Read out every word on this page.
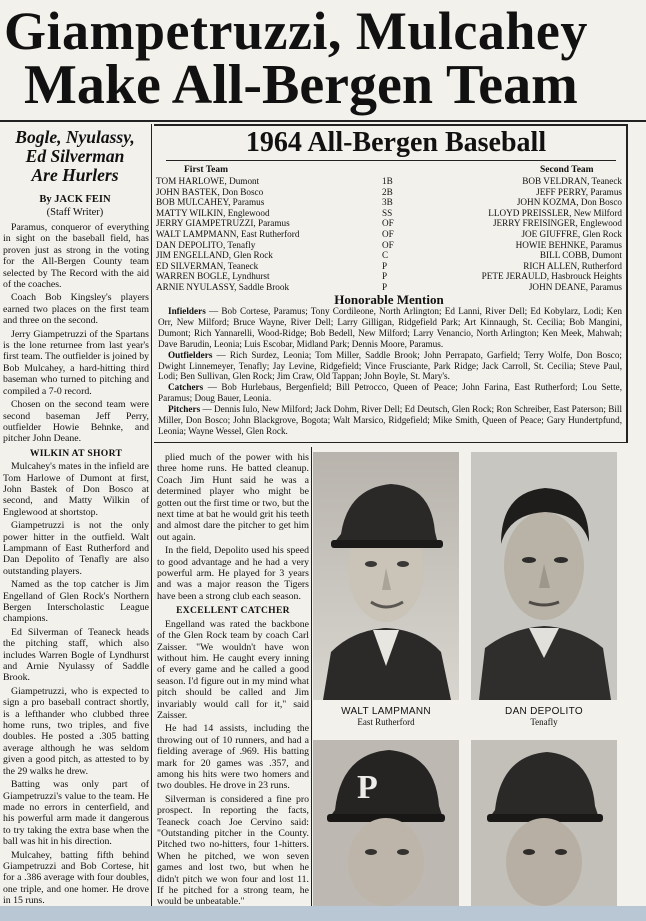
Giampetruzzi, Mulcahey
Make All-Bergen Team

Bogle, Nyulassy,

Ed Silverman

Are Hurlers

By JACK FEIN
(Staff Writer)

Paramus, conqueror of everything in sight on the baseball field, has proven just as strong in the voting for the All-Bergen County team selected by The Record with the aid of the coaches.

Coach Bob Kingsley's players earned two places on the first team and three on the second.

Jerry Giampetruzzi of the Spartans is the lone returnee from last year's first team. The outfielder is joined by Bob Mulcahey, a hard-hitting third baseman who turned to pitching and compiled a 7-0 record.

Chosen on the second team were second baseman Jeff Perry, outfielder Howie Behnke, and pitcher John Deane.

WILKIN AT SHORT

Mulcahey's mates in the infield are Tom Harlowe of Dumont at first, John Bastek of Don Bosco at second, and Matty Wilkin of Englewood at shortstop.

Giampetruzzi is not the only power hitter in the outfield. Walt Lampmann of East Rutherford and Dan Depolito of Tenafly are also outstanding players.

Named as the top catcher is Jim Engelland of Glen Rock's Northern Bergen Interscholastic League champions.

Ed Silverman of Teaneck heads the pitching staff, which also includes Warren Bogle of Lyndhurst and Arnie Nyulassy of Saddle Brook.

Giampetruzzi, who is expected to sign a pro baseball contract shortly, is a lefthander who clubbed three home runs, two triples, and five doubles. He posted a .305 batting average although he was seldom given a good pitch, as attested to by the 29 walks he drew.

Batting was only part of Giampetruzzi's value to the team. He made no errors in centerfield, and his powerful arm made it dangerous to try taking the extra base when the ball was hit in his direction.

Mulcahey, batting fifth behind Giampetruzzi and Bob Cortese, hit for a .386 average with four doubles, one triple, and one homer. He drove in 15 runs.

1964 All-Bergen Baseball
First Team	Second Team
TOM HARLOWE, Dumont	1B	BOB VELDRAN, Teaneck
JOHN BASTEK, Don Bosco	2B	JEFF PERRY, Paramus
BOB MULCAHEY, Paramus	3B	JOHN KOZMA, Don Bosco
MATTY WILKIN, Englewood	SS	LLOYD PREISSLER, New Milford
JERRY GIAMPETRUZZI, Paramus	OF	JERRY FREISINGER, Englewood
WALT LAMPMANN, East Rutherford	OF	JOE GIUFFRE, Glen Rock
DAN DEPOLITO, Tenafly	OF	HOWIE BEHNKE, Paramus
JIM ENGELLAND, Glen Rock	C	BILL COBB, Dumont
ED SILVERMAN, Teaneck	P	RICH ALLEN, Rutherford
WARREN BOGLE, Lyndhurst	P	PETE JERAULD, Hasbrouck Heights
ARNIE NYULASSY, Saddle Brook	P	JOHN DEANE, Paramus
Honorable Mention

Infielders — Bob Cortese, Paramus; Tony Cordileone, North Arlington; Ed Lanni, River Dell; Ed Kobylarz, Lodi; Ken Orr, New Milford; Bruce Wayne, River Dell; Larry Gilligan, Ridgefield Park; Art Kinnaugh, St. Cecilia; Bob Mangini, Dumont; Rich Yannarelli, Wood-Ridge; Bob Bedell, New Milford; Larry Venancio, North Arlington; Ken Meek, Mahwah; Dave Barudin, Leonia; Luis Escobar, Midland Park; Dennis Moore, Paramus.

Outfielders — Rich Surdez, Leonia; Tom Miller, Saddle Brook; John Perrapato, Garfield; Terry Wolfe, Don Bosco; Dwight Linnemeyer, Tenafly; Jay Levine, Ridgefield; Vince Frusciante, Park Ridge; Jack Carroll, St. Cecilia; Steve Paul, Lodi; Ben Sullivan, Glen Rock; Jim Craw, Old Tappan; John Boyle, St. Mary's.

Catchers — Bob Hurlebaus, Bergenfield; Bill Petrocco, Queen of Peace; John Farina, East Rutherford; Lou Sette, Paramus; Doug Bauer, Leonia.

Pitchers — Dennis Iulo, New Milford; Jack Dohm, River Dell; Ed Deutsch, Glen Rock; Ron Schreiber, East Paterson; Bill Miller, Don Bosco; John Blackgrove, Bogota; Walt Marsico, Ridgefield; Mike Smith, Queen of Peace; Gary Hundertpfund, Leonia; Wayne Wessel, Glen Rock.

plied much of the power with his three home runs. He batted cleanup. Coach Jim Hunt said he was a determined player who might be gotten out the first time or two, but the next time at bat he would grit his teeth and almost dare the pitcher to get him out again.

In the field, Depolito used his speed to good advantage and he had a very powerful arm. He played for 3 years and was a major reason the Tigers have been a strong club each season.

EXCELLENT CATCHER

Engelland was rated the backbone of the Glen Rock team by coach Carl Zaisser. "We wouldn't have won without him. He caught every inning of every game and he called a good season. I'd figure out in my mind what pitch should be called and Jim invariably would call for it," said Zaisser.

He had 14 assists, including the throwing out of 10 runners, and had a fielding average of .969. His batting mark for 20 games was .357, and among his hits were two homers and two doubles. He drove in 23 runs.

Silverman is considered a fine pro prospect. In reporting the facts, Teaneck coach Joe Cervino said: "Outstanding pitcher in the County. Pitched two no-hitters, four 1-hitters. When he pitched, we won seven games and lost two, but when he didn't pitch we won four and lost 11. If he pitched for a strong team, he would be unbeatable."

WALT LAMPMANN
East Rutherford
DAN DEPOLITO
Tenafly
P
